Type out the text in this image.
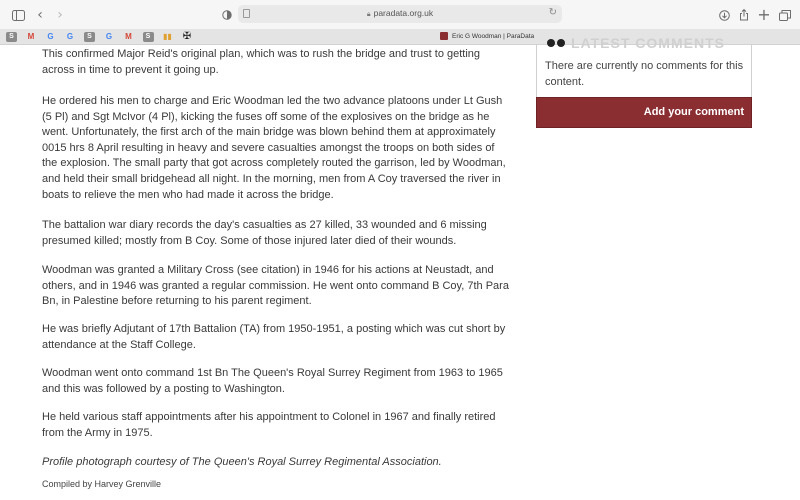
‹	›	🔒︎ paradata.org.uk	↻	+
S	M G G	S	G M	S	▮▮ ✠	Eric G Woodman | ParaData

This confirmed Major Reid's original plan, which was to rush the bridge and trust to getting across in time to prevent it going up.

He ordered his men to charge and Eric Woodman led the two advance platoons under Lt Gush (5 Pl) and Sgt McIvor (4 Pl), kicking the fuses off some of the explosives on the bridge as he went. Unfortunately, the first arch of the main bridge was blown behind them at approximately 0015 hrs 8 April resulting in heavy and severe casualties amongst the troops on both sides of the explosion. The small party that got across completely routed the garrison, led by Woodman, and held their small bridgehead all night. In the morning, men from A Coy traversed the river in boats to relieve the men who had made it across the bridge.

The battalion war diary records the day's casualties as 27 killed, 33 wounded and 6 missing presumed killed; mostly from B Coy. Some of those injured later died of their wounds.

Woodman was granted a Military Cross (see citation) in 1946 for his actions at Neustadt, and others, and in 1946 was granted a regular commission. He went onto command B Coy, 7th Para Bn, in Palestine before returning to his parent regiment.

He was briefly Adjutant of 17th Battalion (TA) from 1950-1951, a posting which was cut short by attendance at the Staff College.

Woodman went onto command 1st Bn The Queen's Royal Surrey Regiment from 1963 to 1965 and this was followed by a posting to Washington.

He held various staff appointments after his appointment to Colonel in 1967 and finally retired from the Army in 1975.

Profile photograph courtesy of The Queen's Royal Surrey Regimental Association.

Compiled by Harvey Grenville

LATEST COMMENTS
There are currently no comments for this content.
Add your comment
